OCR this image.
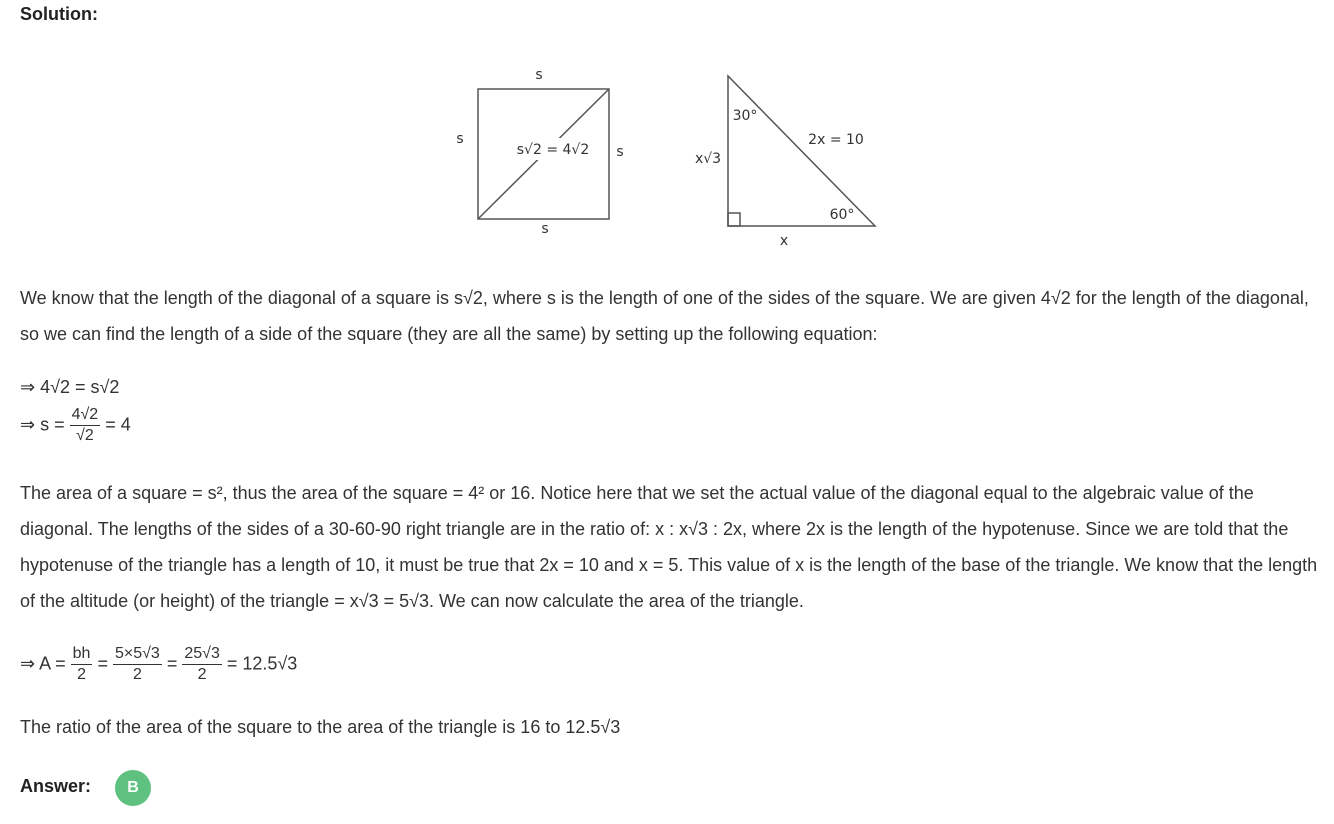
Solution:
s
s
s
s
s√2 = 4√2
30°
2x = 10
x√3
60°
x

We know that the length of the diagonal of a square is s√2, where s is the length of one of the sides of the square. We are given 4√2 for the length of the diagonal, so we can find the length of a side of the square (they are all the same) by setting up the following equation:

⇒ 4√2 = s√2
⇒ $s = \frac{4√2}{√2} = 4$

The area of a square = s², thus the area of the square = 4² or 16. Notice here that we set the actual value of the diagonal equal to the algebraic value of the diagonal. The lengths of the sides of a 30-60-90 right triangle are in the ratio of: x : x√3 : 2x, where 2x is the length of the hypotenuse. Since we are told that the hypotenuse of the triangle has a length of 10, it must be true that 2x = 10 and x = 5. This value of x is the length of the base of the triangle. We know that the length of the altitude (or height) of the triangle = x√3 = 5√3. We can now calculate the area of the triangle.

⇒ $A = \frac{bh}{2} = \frac{5\times 5√3}{2} = \frac{25√3}{2} = 12.5√3$

The ratio of the area of the square to the area of the triangle is 16 to 12.5√3

Answer:	B
